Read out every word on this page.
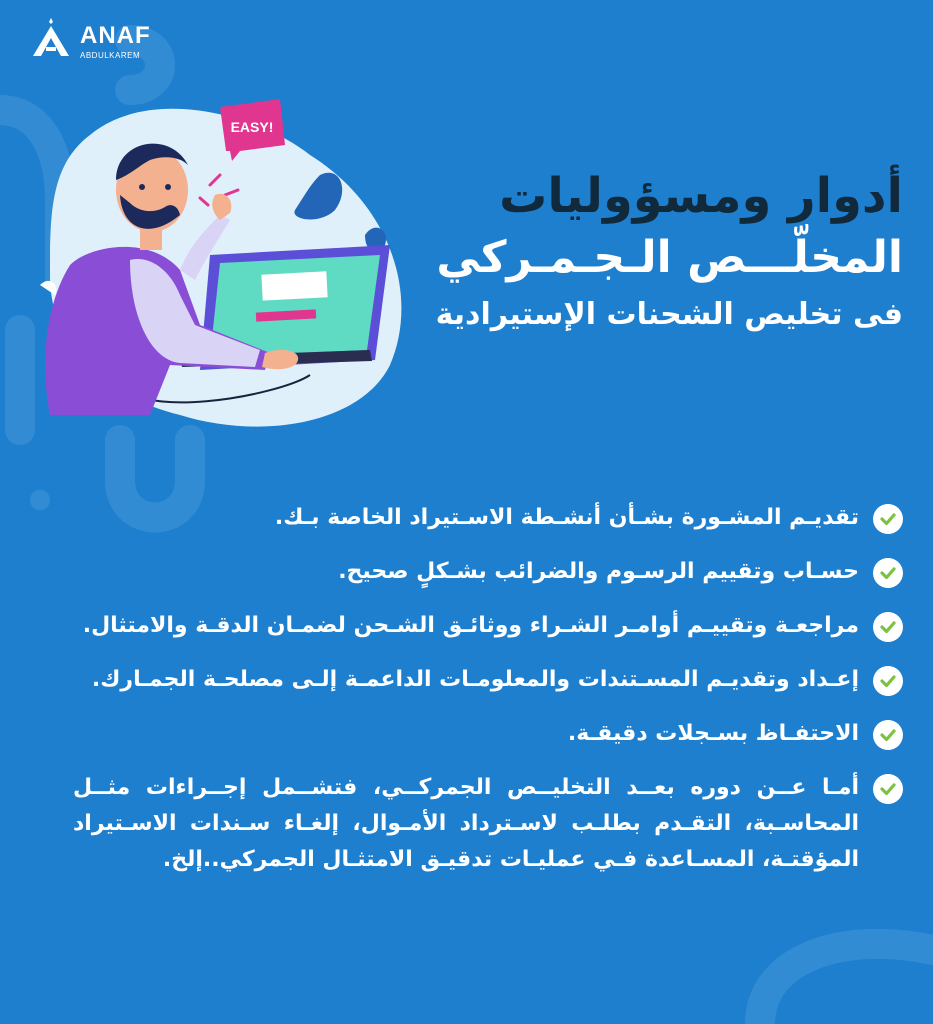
ANAF
ABDULKAREM
EASY!

أدوار ومسؤوليات

المخلّـــص الـجـمـركي

فى تخليص الشحنات الإستيرادية

تقديـم المشـورة بشـأن أنشـطة الاسـتيراد الخاصة بـك.
حسـاب وتقييم الرسـوم والضرائب بشـكلٍ صحيح.
مراجعـة وتقييـم أوامـر الشـراء ووثائـق الشـحن لضمـان الدقـة والامتثال.
إعـداد وتقديـم المسـتندات والمعلومـات الداعمـة إلـى مصلحـة الجمـارك.
الاحتفـاظ بسـجلات دقيقـة.
أمـا عــن دوره بعــد التخليــص الجمركــي، فتشــمل إجــراءات مثــل المحاسـبة، التقـدم بطلـب لاسـترداد الأمـوال، إلغـاء سـندات الاسـتيراد المؤقتـة، المسـاعدة فـي عمليـات تدقيـق الامتثـال الجمركي..إلخ.
